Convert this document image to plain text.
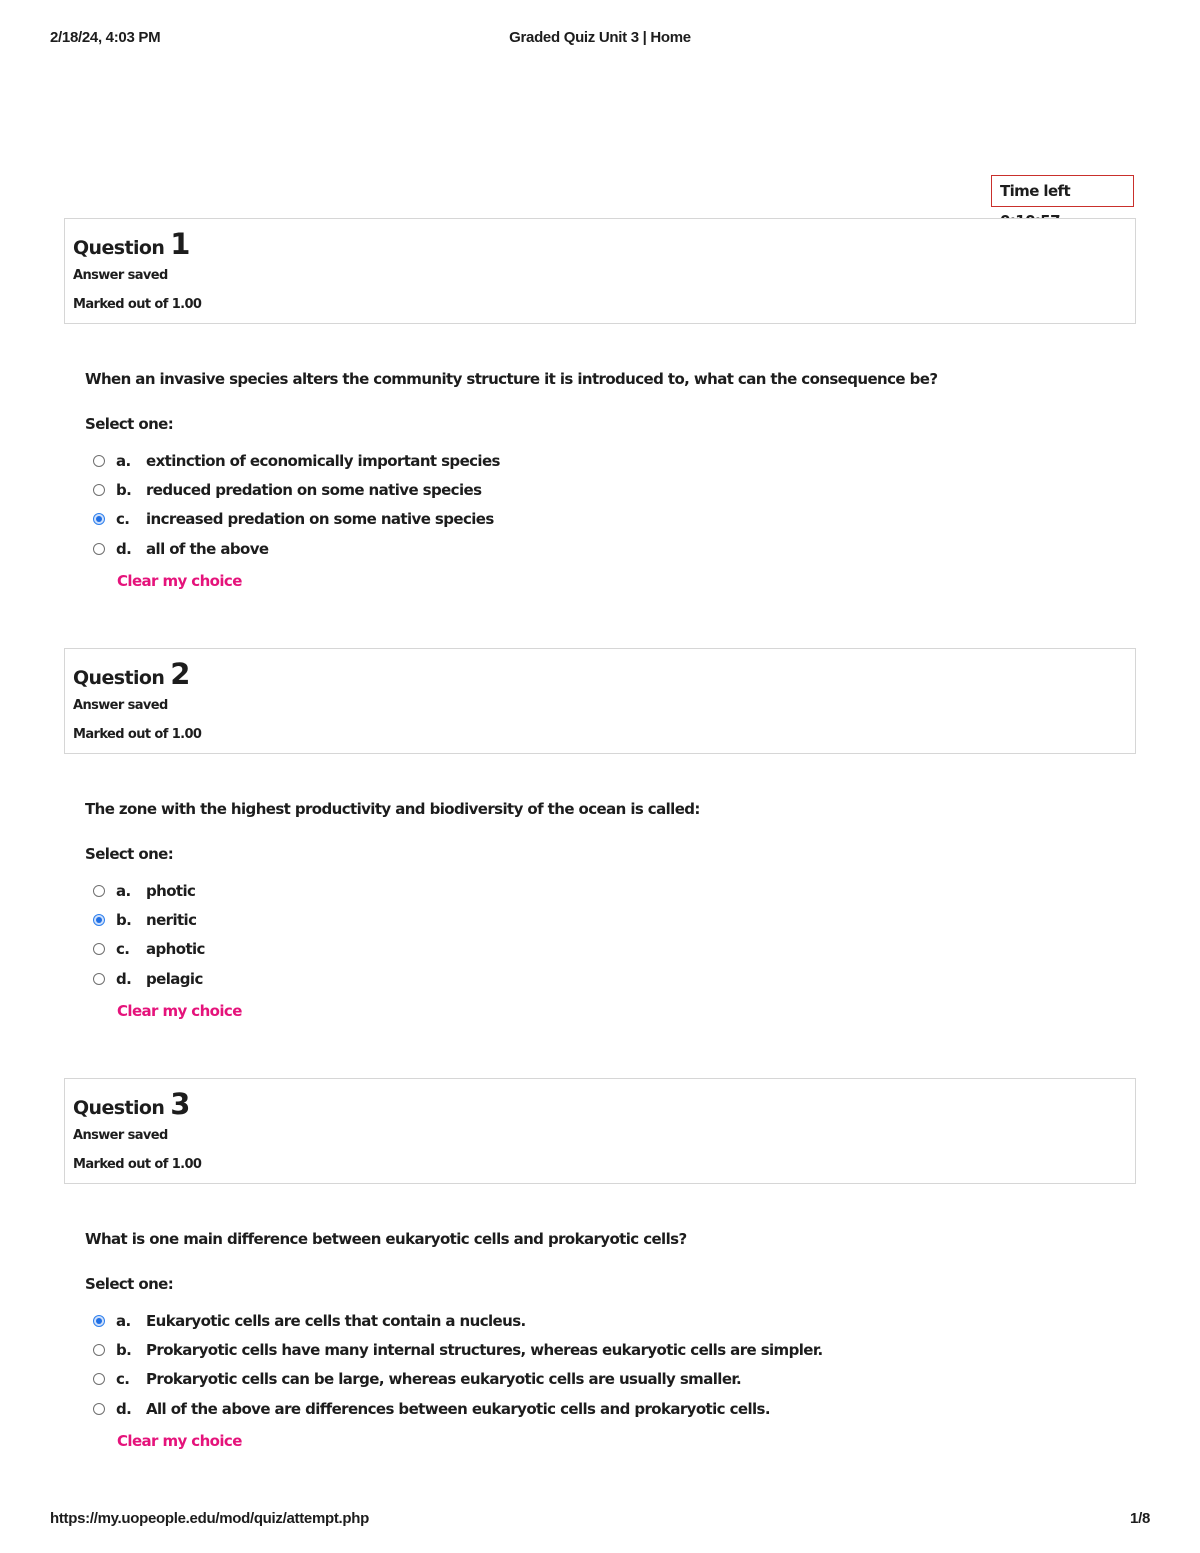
2/18/24, 4:03 PM	Graded Quiz Unit 3 | Home
Time left
Question 1
Answer saved
Marked out of 1.00
When an invasive species alters the community structure it is introduced to, what can the consequence be?
Select one:
a.	extinction of economically important species
b. reduced predation on some native species
c.	increased predation on some native species
d. all of the above
Clear my choice
Question 2
Answer saved
Marked out of 1.00
The zone with the highest productivity and biodiversity of the ocean is called:
Select one:
a.	photic
b. neritic
c.	aphotic
d. pelagic
Clear my choice
Question 3
Answer saved
Marked out of 1.00
What is one main difference between eukaryotic cells and prokaryotic cells?
Select one:
a.	Eukaryotic cells are cells that contain a nucleus.
b. Prokaryotic cells have many internal structures, whereas eukaryotic cells are simpler.
c.	Prokaryotic cells can be large, whereas eukaryotic cells are usually smaller.
d. All of the above are differences between eukaryotic cells and prokaryotic cells.
Clear my choice
https://my.uopeople.edu/mod/quiz/attempt.php	1/8
